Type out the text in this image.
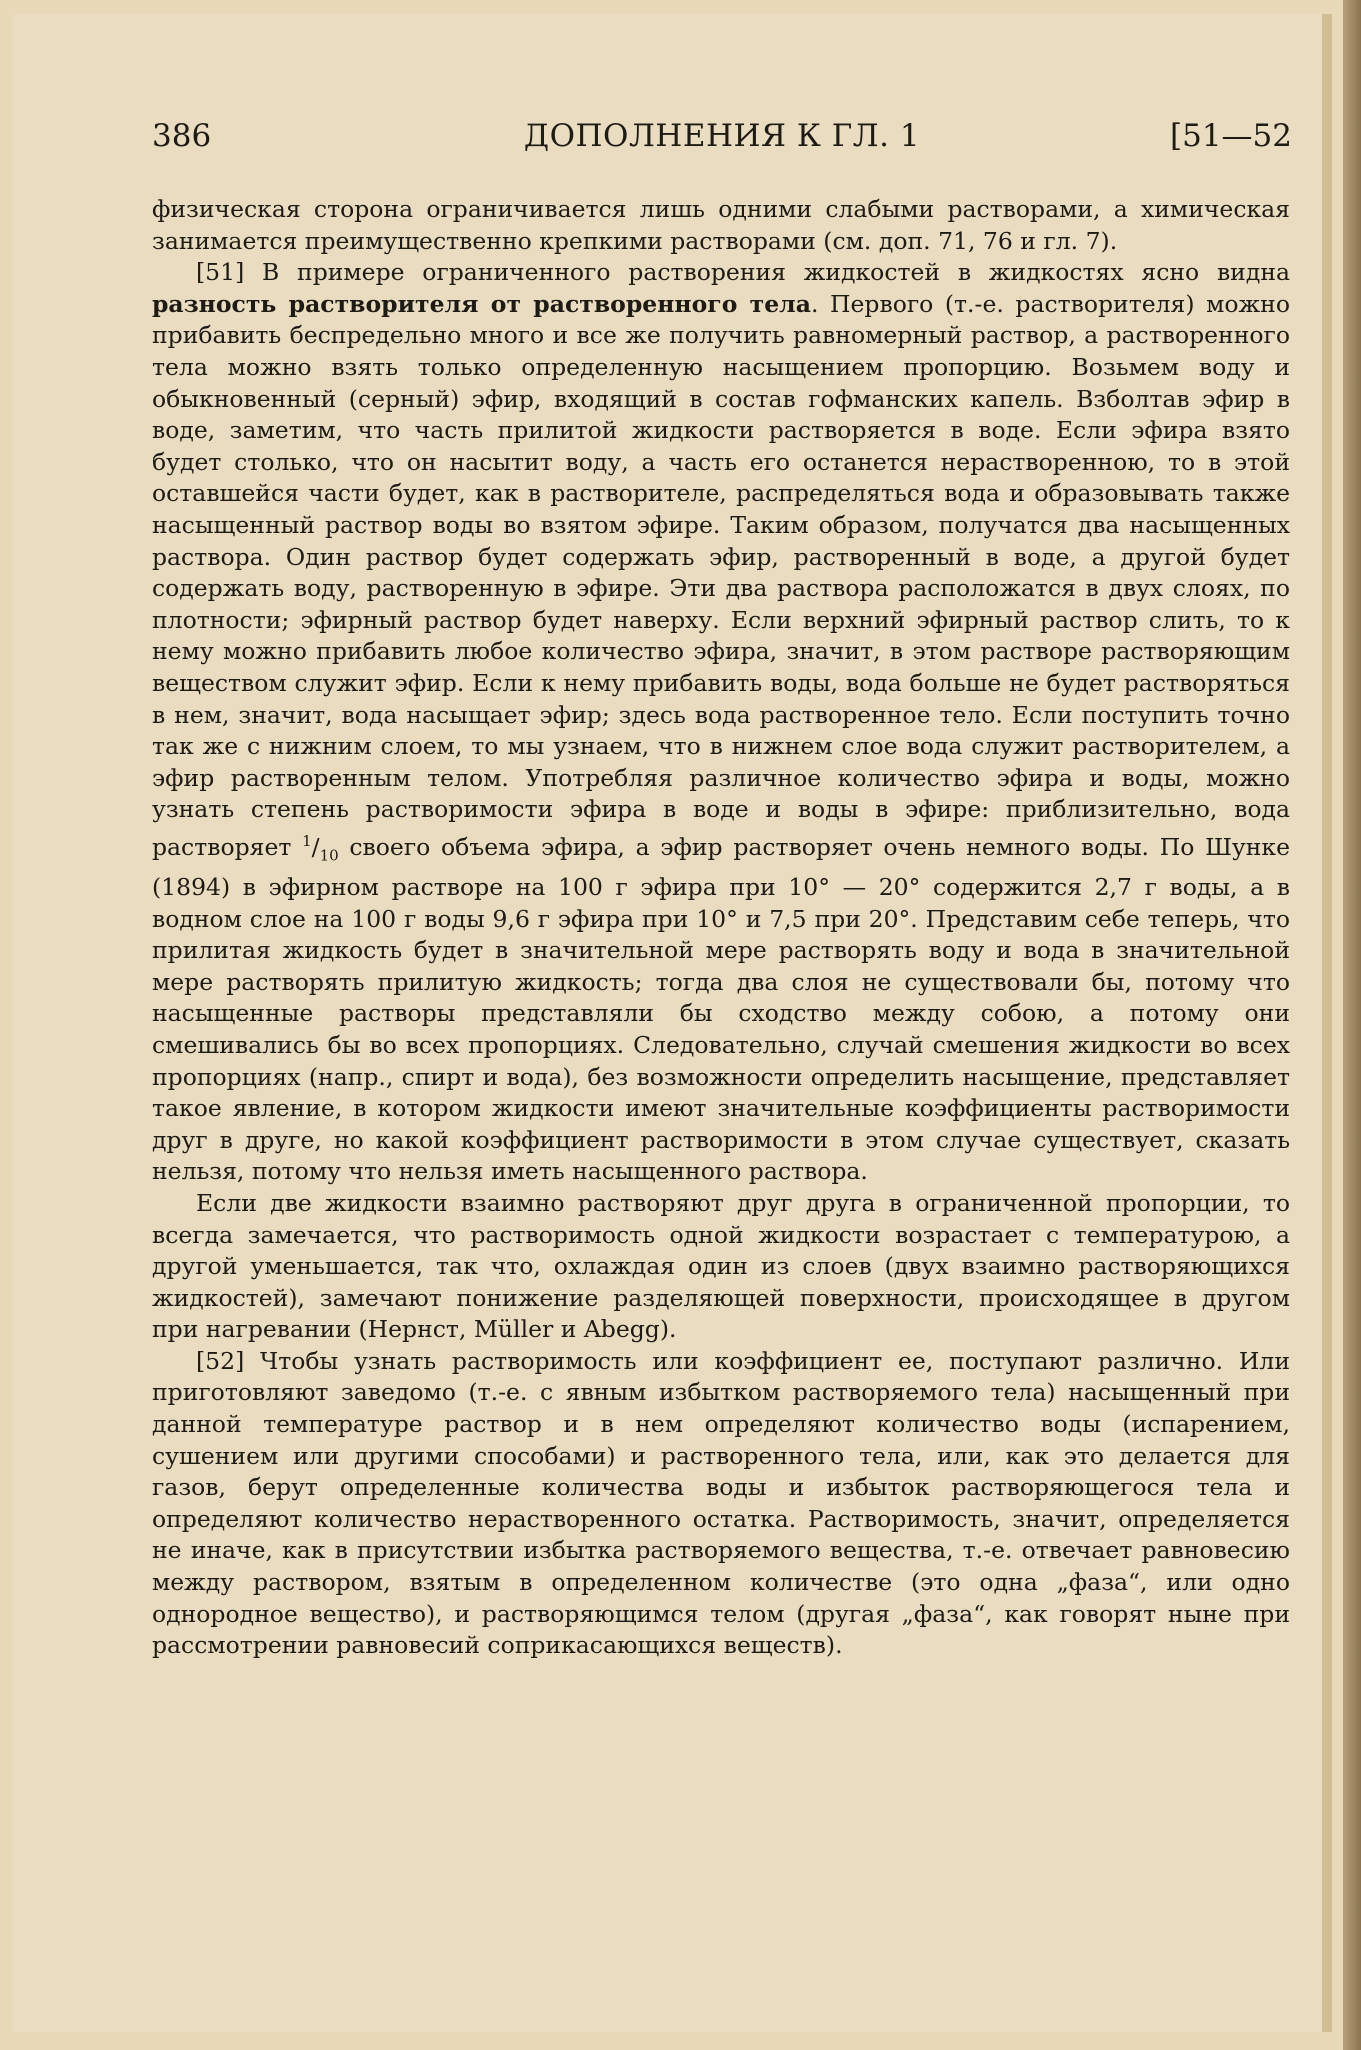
386	ДОПОЛНЕНИЯ К ГЛ. 1	[51—52

физическая сторона ограничивается лишь одними слабыми растворами, а химическая занимается преимущественно крепкими растворами (см. доп. 71, 76 и гл. 7).

[51] В примере ограниченного растворения жидкостей в жидкостях ясно видна разность растворителя от растворенного тела. Первого (т.-е. растворителя) можно прибавить беспредельно много и все же получить равномерный раствор, а растворенного тела можно взять только определенную насыщением пропорцию. Возьмем воду и обыкновенный (серный) эфир, входящий в состав гофманских капель. Взболтав эфир в воде, заметим, что часть прилитой жидкости растворяется в воде. Если эфира взято будет столько, что он насытит воду, а часть его останется нерастворенною, то в этой оставшейся части будет, как в растворителе, распределяться вода и образовывать также насыщенный раствор воды во взятом эфире. Таким образом, получатся два насыщенных раствора. Один раствор будет содержать эфир, растворенный в воде, а другой будет содержать воду, растворенную в эфире. Эти два раствора расположатся в двух слоях, по плотности; эфирный раствор будет наверху. Если верхний эфирный раствор слить, то к нему можно прибавить любое количество эфира, значит, в этом растворе растворяющим веществом служит эфир. Если к нему прибавить воды, вода больше не будет растворяться в нем, значит, вода насыщает эфир; здесь вода растворенное тело. Если поступить точно так же с нижним слоем, то мы узнаем, что в нижнем слое вода служит растворителем, а эфир растворенным телом. Употребляя различное количество эфира и воды, можно узнать степень растворимости эфира в воде и воды в эфире: приблизительно, вода растворяет $^1/_{10}$ своего объема эфира, а эфир растворяет очень немного воды. По Шунке (1894) в эфирном растворе на 100 г эфира при 10° — 20° содержится 2,7 г воды, а в водном слое на 100 г воды 9,6 г эфира при 10° и 7,5 при 20°. Представим себе теперь, что прилитая жидкость будет в значительной мере растворять воду и вода в значительной мере растворять прилитую жидкость; тогда два слоя не существовали бы, потому что насыщенные растворы представляли бы сходство между собою, а потому они смешивались бы во всех пропорциях. Следовательно, случай смешения жидкости во всех пропорциях (напр., спирт и вода), без возможности определить насыщение, представляет такое явление, в котором жидкости имеют значительные коэффициенты растворимости друг в друге, но какой коэффициент растворимости в этом случае существует, сказать нельзя, потому что нельзя иметь насыщенного раствора.

Если две жидкости взаимно растворяют друг друга в ограниченной пропорции, то всегда замечается, что растворимость одной жидкости возрастает с температурою, а другой уменьшается, так что, охлаждая один из слоев (двух взаимно растворяющихся жидкостей), замечают понижение разделяющей поверхности, происходящее в другом при нагревании (Нернст, Müller и Abegg).

[52] Чтобы узнать растворимость или коэффициент ее, поступают различно. Или приготовляют заведомо (т.-е. с явным избытком растворяемого тела) насыщенный при данной температуре раствор и в нем определяют количество воды (испарением, сушением или другими способами) и растворенного тела, или, как это делается для газов, берут определенные количества воды и избыток растворяющегося тела и определяют количество нерастворенного остатка. Растворимость, значит, определяется не иначе, как в присутствии избытка растворяемого вещества, т.-е. отвечает равновесию между раствором, взятым в определенном количестве (это одна „фаза“, или одно однородное вещество), и растворяющимся телом (другая „фаза“, как говорят ныне при рассмотрении равновесий соприкасающихся веществ).
